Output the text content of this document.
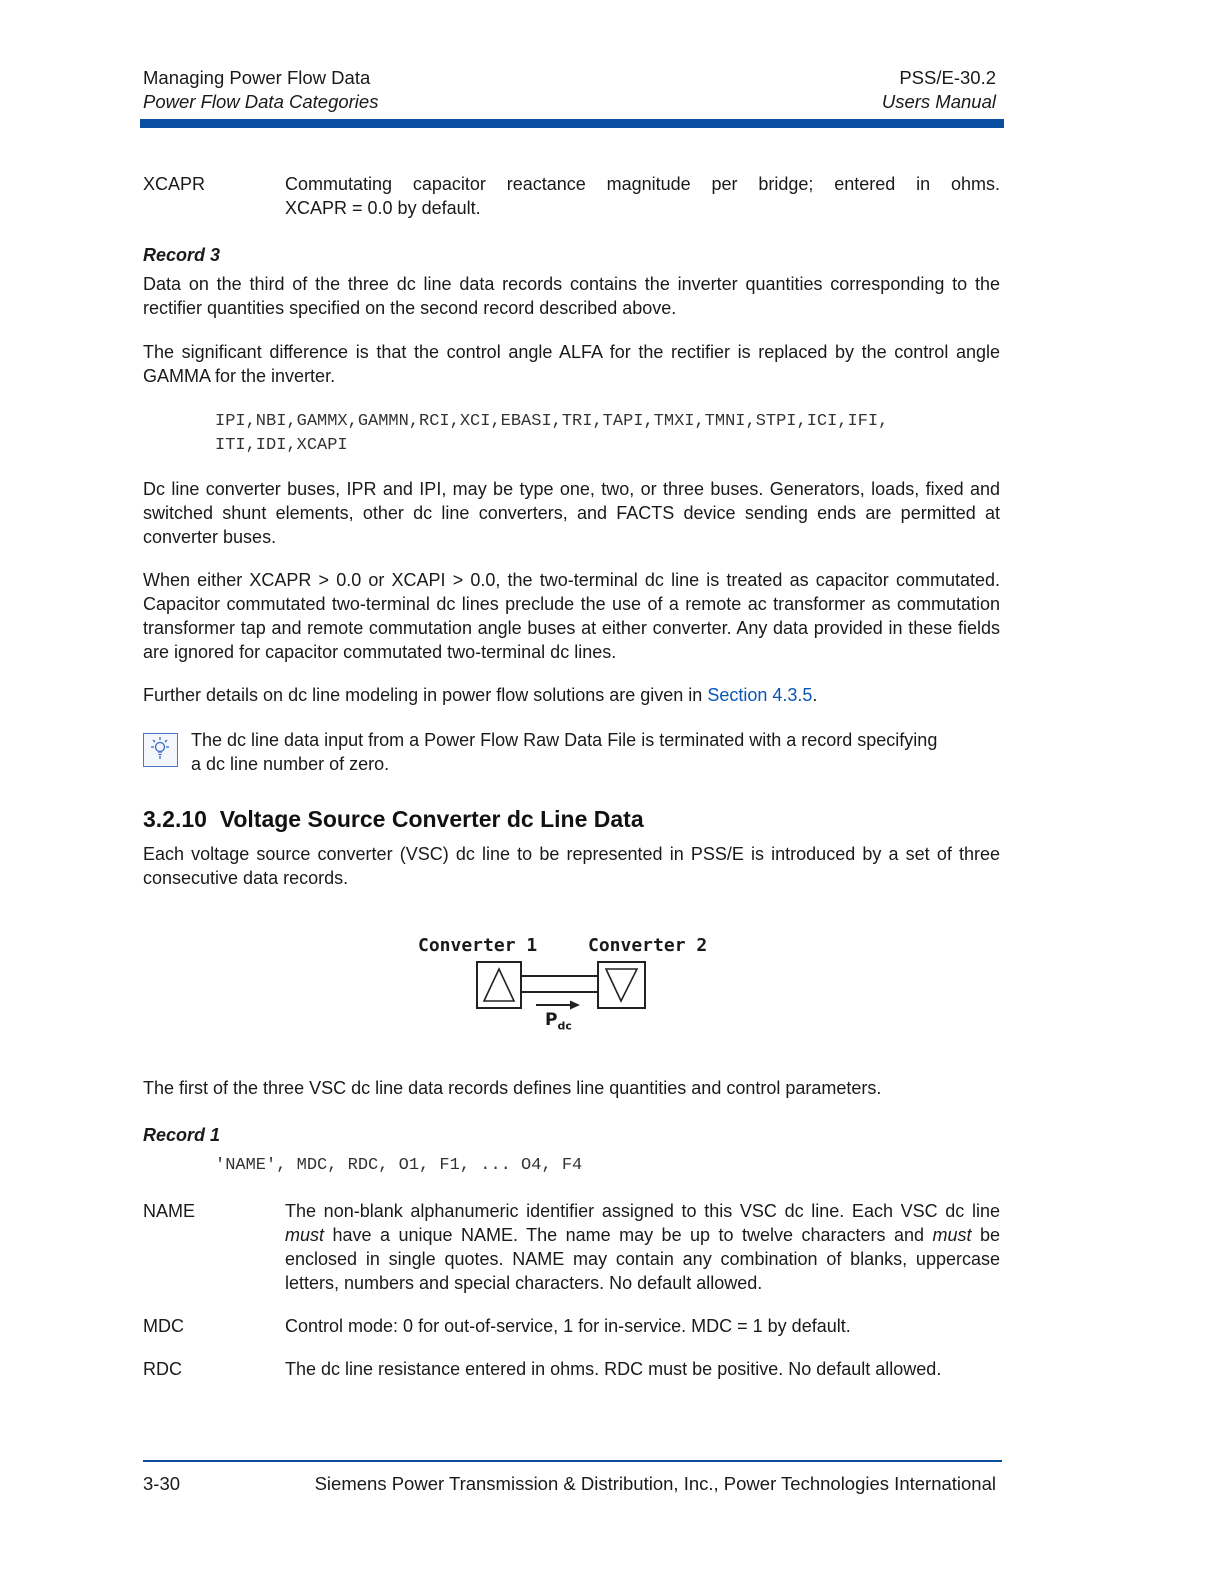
Managing Power Flow Data
Power Flow Data Categories
PSS/E-30.2
Users Manual
XCAPR	Commutating capacitor reactance magnitude per bridge; entered in ohms.
XCAPR = 0.0 by default.
Record 3
Data on the third of the three dc line data records contains the inverter quantities corresponding to the rectifier quantities specified on the second record described above.
The significant difference is that the control angle ALFA for the rectifier is replaced by the control angle GAMMA for the inverter.
IPI,NBI,GAMMX,GAMMN,RCI,XCI,EBASI,TRI,TAPI,TMXI,TMNI,STPI,ICI,IFI,
ITI,IDI,XCAPI
Dc line converter buses, IPR and IPI, may be type one, two, or three buses. Generators, loads, fixed and switched shunt elements, other dc line converters, and FACTS device sending ends are permitted at converter buses.
When either XCAPR > 0.0 or XCAPI > 0.0, the two-terminal dc line is treated as capacitor commutated. Capacitor commutated two-terminal dc lines preclude the use of a remote ac transformer as commutation transformer tap and remote commutation angle buses at either converter. Any data provided in these fields are ignored for capacitor commutated two-terminal dc lines.
Further details on dc line modeling in power flow solutions are given in Section 4.3.5.
The dc line data input from a Power Flow Raw Data File is terminated with a record specifying
a dc line number of zero.
3.2.10  Voltage Source Converter dc Line Data
Each voltage source converter (VSC) dc line to be represented in PSS/E is introduced by a set of three consecutive data records.
Converter 1	Converter 2
$P_{dc}$
The first of the three VSC dc line data records defines line quantities and control parameters.
Record 1
'NAME', MDC, RDC, O1, F1, ... O4, F4
NAME	The non-blank alphanumeric identifier assigned to this VSC dc line. Each VSC dc line must have a unique NAME. The name may be up to twelve characters and must be enclosed in single quotes. NAME may contain any combination of blanks, uppercase letters, numbers and special characters. No default allowed.
MDC	Control mode: 0 for out-of-service, 1 for in-service. MDC = 1 by default.
RDC	The dc line resistance entered in ohms. RDC must be positive. No default allowed.
3-30	Siemens Power Transmission & Distribution, Inc., Power Technologies International
